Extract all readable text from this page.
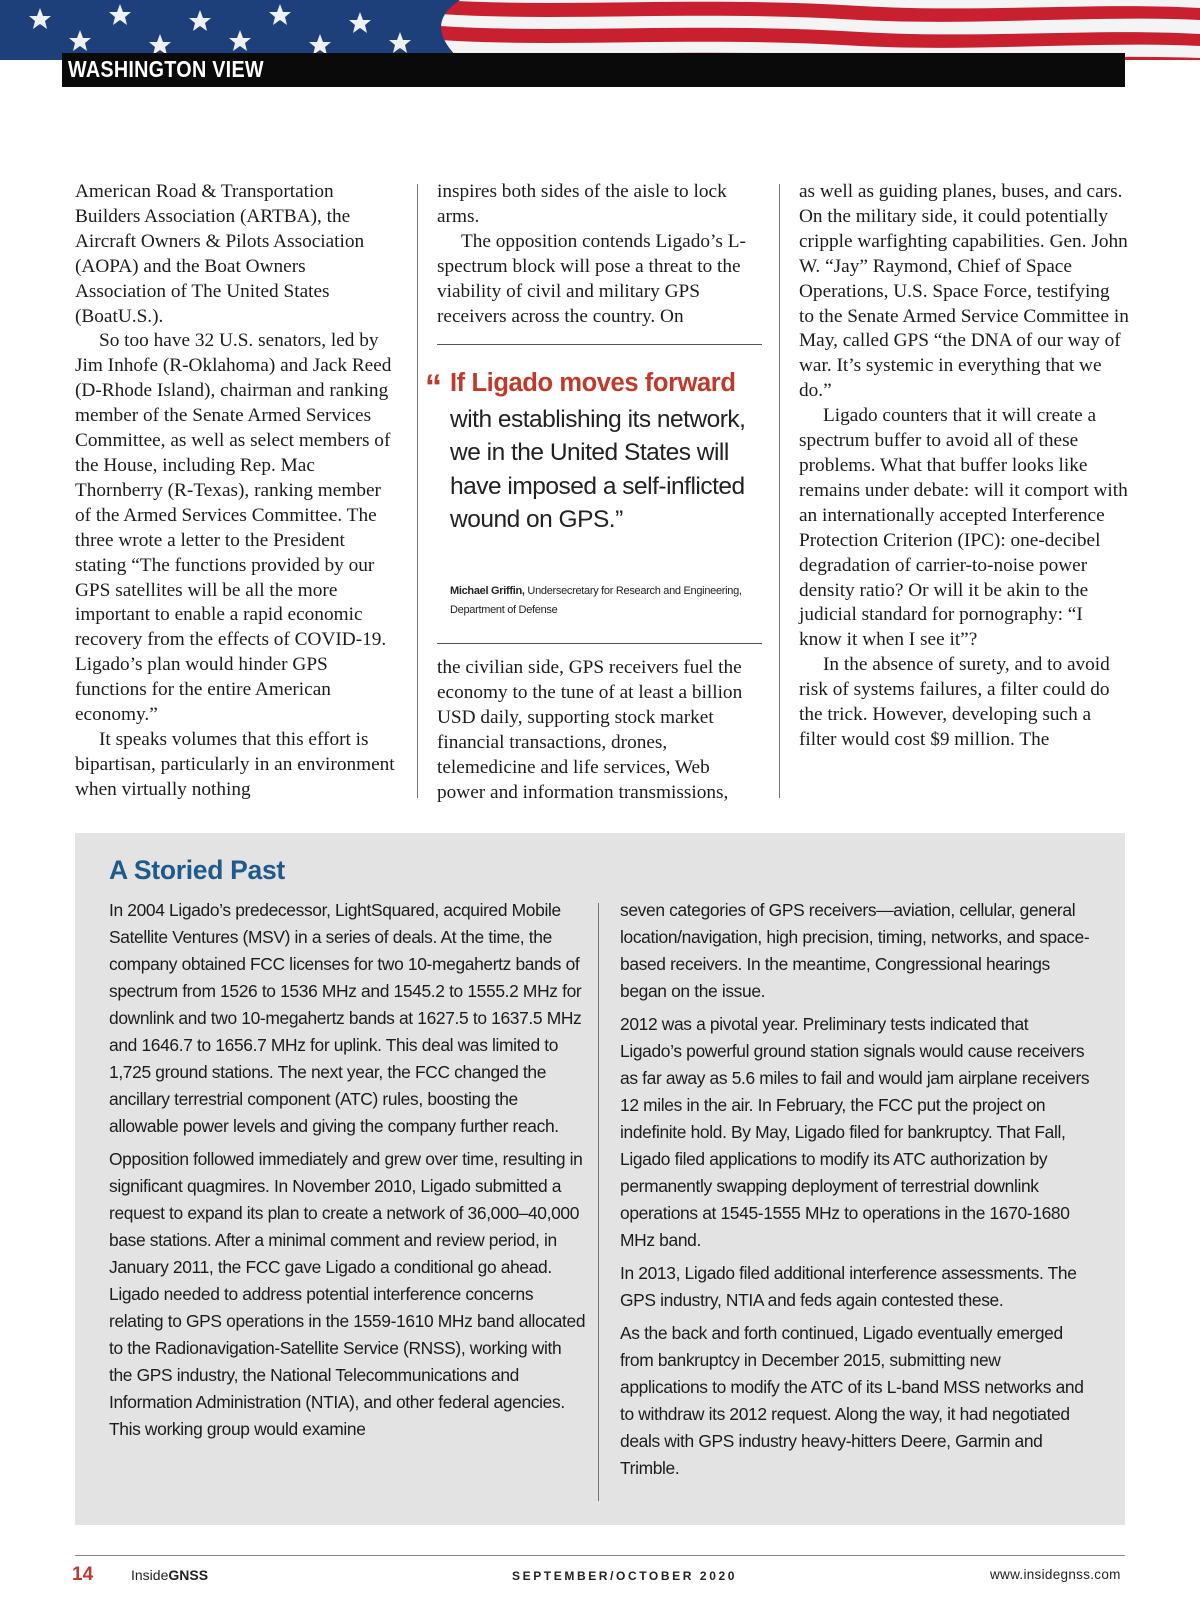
WASHINGTON VIEW

American Road & Transportation Builders Association (ARTBA), the Aircraft Owners & Pilots Association (AOPA) and the Boat Owners Association of The United States (BoatU.S.).

So too have 32 U.S. senators, led by Jim Inhofe (R-Oklahoma) and Jack Reed (D-Rhode Island), chairman and ranking member of the Senate Armed Services Committee, as well as select members of the House, including Rep. Mac Thornberry (R-Texas), ranking member of the Armed Services Committee. The three wrote a letter to the President stating “The functions provided by our GPS satellites will be all the more important to enable a rapid economic recovery from the effects of COVID-19. Ligado’s plan would hinder GPS functions for the entire American economy.”

It speaks volumes that this effort is bipartisan, particularly in an environment when virtually nothing

inspires both sides of the aisle to lock arms.

The opposition contends Ligado’s L-spectrum block will pose a threat to the viability of civil and military GPS receivers across the country. On

“ If Ligado moves forward
with establishing its network, we in the United States will have imposed a self-inflicted wound on GPS.”
Michael Griffin, Undersecretary for Research and Engineering, Department of Defense

the civilian side, GPS receivers fuel the economy to the tune of at least a billion USD daily, supporting stock market financial transactions, drones, telemedicine and life services, Web power and information transmissions,

as well as guiding planes, buses, and cars. On the military side, it could potentially cripple warfighting capabilities. Gen. John W. “Jay” Raymond, Chief of Space Operations, U.S. Space Force, testifying to the Senate Armed Service Committee in May, called GPS “the DNA of our way of war. It’s systemic in everything that we do.”

Ligado counters that it will create a spectrum buffer to avoid all of these problems. What that buffer looks like remains under debate: will it comport with an internationally accepted Interference Protection Criterion (IPC): one-decibel degradation of carrier-to-noise power density ratio? Or will it be akin to the judicial standard for pornography: “I know it when I see it”?

In the absence of surety, and to avoid risk of systems failures, a filter could do the trick. However, developing such a filter would cost $9 million. The

A Storied Past

In 2004 Ligado’s predecessor, LightSquared, acquired Mobile Satellite Ventures (MSV) in a series of deals. At the time, the company obtained FCC licenses for two 10-megahertz bands of spectrum from 1526 to 1536 MHz and 1545.2 to 1555.2 MHz for downlink and two 10-megahertz bands at 1627.5 to 1637.5 MHz and 1646.7 to 1656.7 MHz for uplink. This deal was limited to 1,725 ground stations. The next year, the FCC changed the ancillary terrestrial component (ATC) rules, boosting the allowable power levels and giving the company further reach.

Opposition followed immediately and grew over time, resulting in significant quagmires. In November 2010, Ligado submitted a request to expand its plan to create a network of 36,000–40,000 base stations. After a minimal comment and review period, in January 2011, the FCC gave Ligado a conditional go ahead. Ligado needed to address potential interference concerns relating to GPS operations in the 1559-1610 MHz band allocated to the Radionavigation-Satellite Service (RNSS), working with the GPS industry, the National Telecommunications and Information Administration (NTIA), and other federal agencies. This working group would examine

seven categories of GPS receivers—aviation, cellular, general location/navigation, high precision, timing, networks, and space-based receivers. In the meantime, Congressional hearings began on the issue.

2012 was a pivotal year. Preliminary tests indicated that Ligado’s powerful ground station signals would cause receivers as far away as 5.6 miles to fail and would jam airplane receivers 12 miles in the air. In February, the FCC put the project on indefinite hold. By May, Ligado filed for bankruptcy. That Fall, Ligado filed applications to modify its ATC authorization by permanently swapping deployment of terrestrial downlink operations at 1545-1555 MHz to operations in the 1670-1680 MHz band.

In 2013, Ligado filed additional interference assessments. The GPS industry, NTIA and feds again contested these.

As the back and forth continued, Ligado eventually emerged from bankruptcy in December 2015, submitting new applications to modify the ATC of its L-band MSS networks and to withdraw its 2012 request. Along the way, it had negotiated deals with GPS industry heavy-hitters Deere, Garmin and Trimble.

14	InsideGNSS	SEPTEMBER/OCTOBER 2020	www.insidegnss.com
